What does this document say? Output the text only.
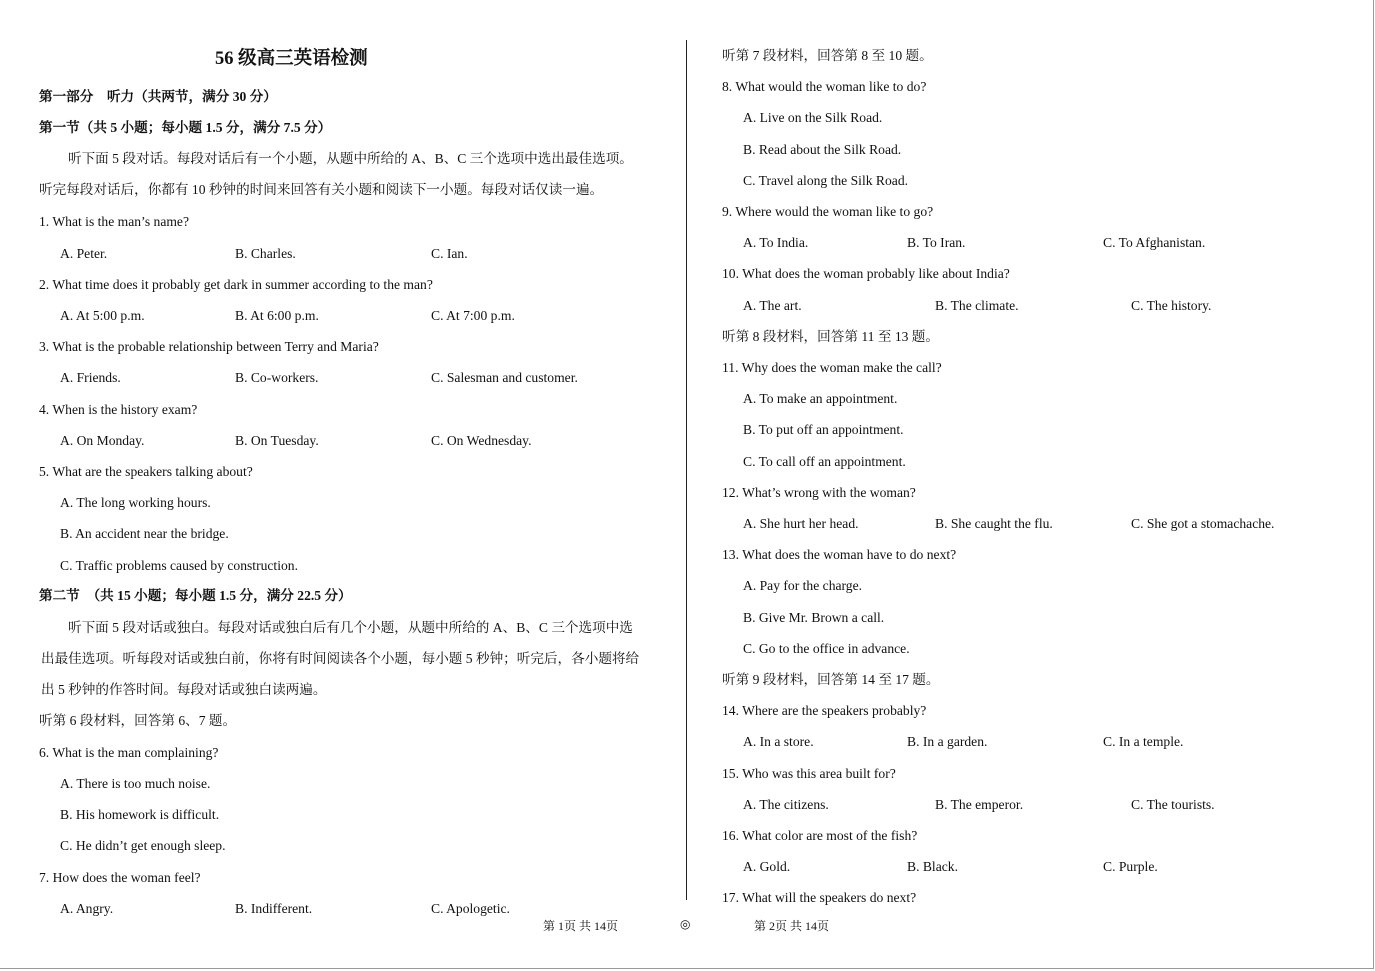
56 级高三英语检测
第一部分　听力（共两节，满分 30 分）
第一节（共 5 小题；每小题 1.5 分，满分 7.5 分）
听下面 5 段对话。每段对话后有一个小题，从题中所给的 A、B、C 三个选项中选出最佳选项。
听完每段对话后，你都有 10 秒钟的时间来回答有关小题和阅读下一小题。每段对话仅读一遍。
1. What is the man’s name?
A. Peter.	B. Charles.	C. Ian.
2. What time does it probably get dark in summer according to the man?
A. At 5:00 p.m.	B. At 6:00 p.m.	C. At 7:00 p.m.
3. What is the probable relationship between Terry and Maria?
A. Friends.	B. Co-workers.	C. Salesman and customer.
4. When is the history exam?
A. On Monday.	B. On Tuesday.	C. On Wednesday.
5. What are the speakers talking about?
A. The long working hours.
B. An accident near the bridge.
C. Traffic problems caused by construction.
第二节　（共 15 小题；每小题 1.5 分，满分 22.5 分）
听下面 5 段对话或独白。每段对话或独白后有几个小题，从题中所给的 A、B、C 三个选项中选
出最佳选项。听每段对话或独白前，你将有时间阅读各个小题，每小题 5 秒钟；听完后，各小题将给
出 5 秒钟的作答时间。每段对话或独白读两遍。
听第 6 段材料，回答第 6、7 题。
6. What is the man complaining?
A. There is too much noise.
B. His homework is difficult.
C. He didn’t get enough sleep.
7. How does the woman feel?
A. Angry.	B. Indifferent.	C. Apologetic.
听第 7 段材料，回答第 8 至 10 题。
8. What would the woman like to do?
A. Live on the Silk Road.
B. Read about the Silk Road.
C. Travel along the Silk Road.
9. Where would the woman like to go?
A. To India.	B. To Iran.	C. To Afghanistan.
10. What does the woman probably like about India?
A. The art.	B. The climate.	C. The history.
听第 8 段材料，回答第 11 至 13 题。
11. Why does the woman make the call?
A. To make an appointment.
B. To put off an appointment.
C. To call off an appointment.
12. What’s wrong with the woman?
A. She hurt her head.	B. She caught the flu.	C. She got a stomachache.
13. What does the woman have to do next?
A. Pay for the charge.
B. Give Mr. Brown a call.
C. Go to the office in advance.
听第 9 段材料，回答第 14 至 17 题。
14. Where are the speakers probably?
A. In a store.	B. In a garden.	C. In a temple.
15. Who was this area built for?
A. The citizens.	B. The emperor.	C. The tourists.
16. What color are most of the fish?
A. Gold.	B. Black.	C. Purple.
17. What will the speakers do next?
第 1页 共 14页	◎	第 2页 共 14页
